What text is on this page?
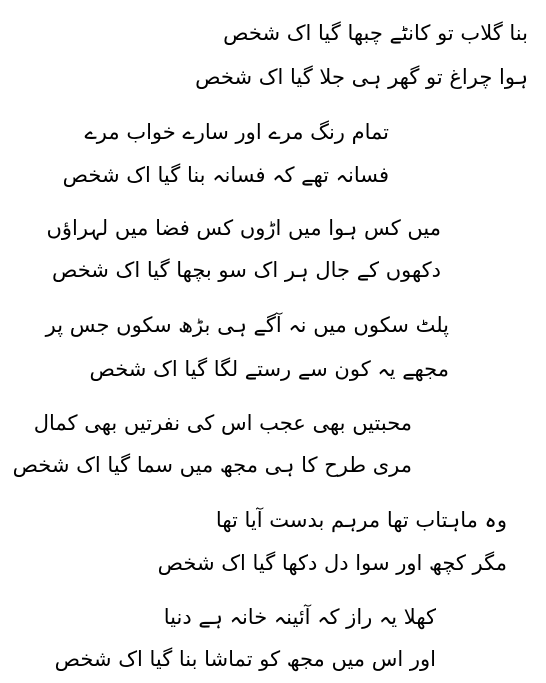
بنا گلاب تو کانٹے چبھا گیا اک شخص

ہوا چراغ تو گھر ہی جلا گیا اک شخص

تمام رنگ مرے اور سارے خواب مرے

فسانہ تھے کہ فسانہ بنا گیا اک شخص

میں کس ہوا میں اڑوں کس فضا میں لہراؤں

دکھوں کے جال ہر اک سو بچھا گیا اک شخص

پلٹ سکوں میں نہ آگے ہی بڑھ سکوں جس پر

مجھے یہ کون سے رستے لگا گیا اک شخص

محبتیں بھی عجب اس کی نفرتیں بھی کمال

مری طرح کا ہی مجھ میں سما گیا اک شخص

وہ ماہتاب تھا مرہم بدست آیا تھا

مگر کچھ اور سوا دل دکھا گیا اک شخص

کھلا یہ راز کہ آئینہ خانہ ہے دنیا

اور اس میں مجھ کو تماشا بنا گیا اک شخص
